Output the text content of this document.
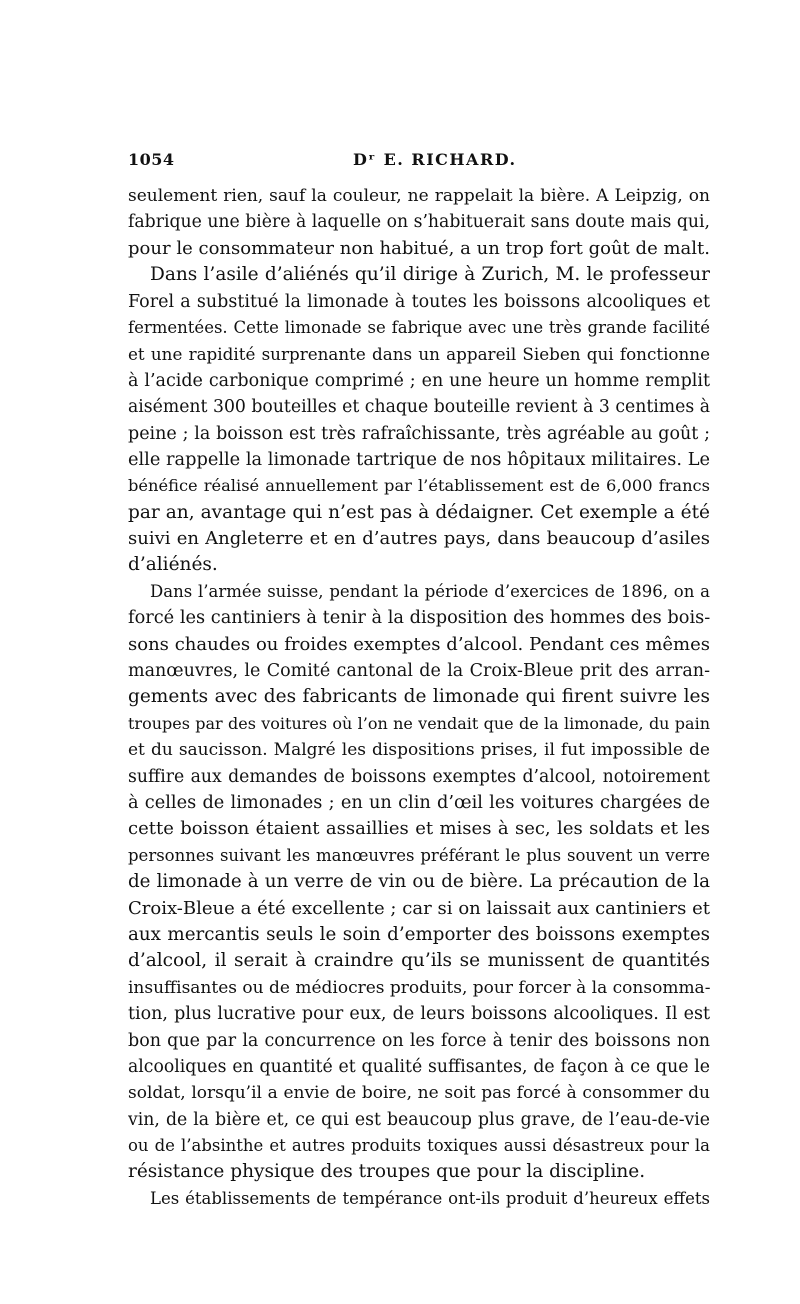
1054	Dʳ E. RICHARD.
seulement rien, sauf la couleur, ne rappelait la bière. A Leipzig, on
fabrique une bière à laquelle on s’habituerait sans doute mais qui,
pour le consommateur non habitué, a un trop fort goût de malt.
Dans l’asile d’aliénés qu’il dirige à Zurich, M. le professeur
Forel a substitué la limonade à toutes les boissons alcooliques et
fermentées. Cette limonade se fabrique avec une très grande facilité
et une rapidité surprenante dans un appareil Sieben qui fonctionne
à l’acide carbonique comprimé ; en une heure un homme remplit
aisément 300 bouteilles et chaque bouteille revient à 3 centimes à
peine ; la boisson est très rafraîchissante, très agréable au goût ;
elle rappelle la limonade tartrique de nos hôpitaux militaires. Le
bénéfice réalisé annuellement par l’établissement est de 6,000 francs
par an, avantage qui n’est pas à dédaigner. Cet exemple a été
suivi en Angleterre et en d’autres pays, dans beaucoup d’asiles
d’aliénés.
Dans l’armée suisse, pendant la période d’exercices de 1896, on a
forcé les cantiniers à tenir à la disposition des hommes des bois-
sons chaudes ou froides exemptes d’alcool. Pendant ces mêmes
manœuvres, le Comité cantonal de la Croix-Bleue prit des arran-
gements avec des fabricants de limonade qui firent suivre les
troupes par des voitures où l’on ne vendait que de la limonade, du pain
et du saucisson. Malgré les dispositions prises, il fut impossible de
suffire aux demandes de boissons exemptes d’alcool, notoirement
à celles de limonades ; en un clin d’œil les voitures chargées de
cette boisson étaient assaillies et mises à sec, les soldats et les
personnes suivant les manœuvres préférant le plus souvent un verre
de limonade à un verre de vin ou de bière. La précaution de la
Croix-Bleue a été excellente ; car si on laissait aux cantiniers et
aux mercantis seuls le soin d’emporter des boissons exemptes
d’alcool, il serait à craindre qu’ils se munissent de quantités
insuffisantes ou de médiocres produits, pour forcer à la consomma-
tion, plus lucrative pour eux, de leurs boissons alcooliques. Il est
bon que par la concurrence on les force à tenir des boissons non
alcooliques en quantité et qualité suffisantes, de façon à ce que le
soldat, lorsqu’il a envie de boire, ne soit pas forcé à consommer du
vin, de la bière et, ce qui est beaucoup plus grave, de l’eau-de-vie
ou de l’absinthe et autres produits toxiques aussi désastreux pour la
résistance physique des troupes que pour la discipline.
Les établissements de tempérance ont-ils produit d’heureux effets
